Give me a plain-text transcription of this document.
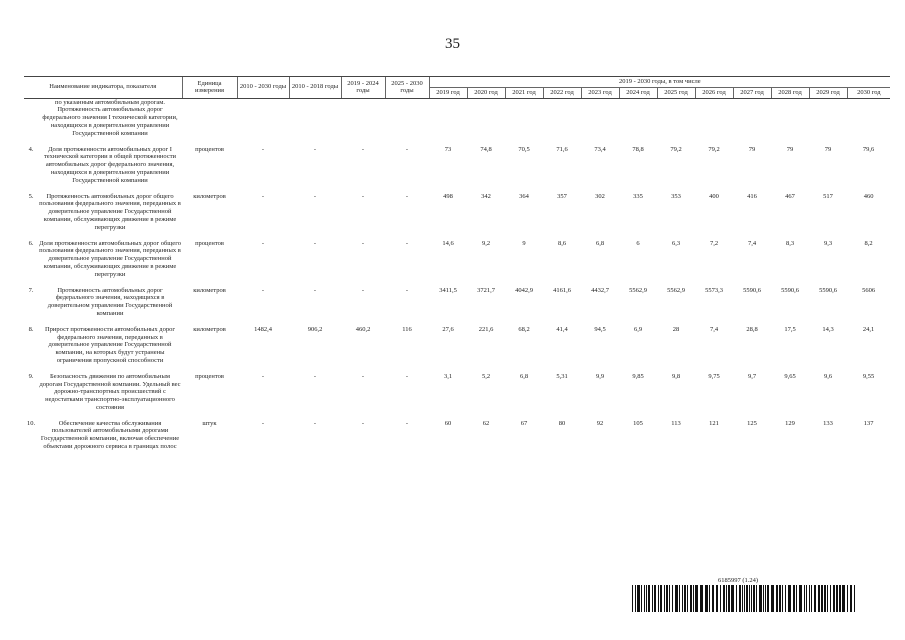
35
Наименование индикатора, показателя		Единица измерения	2010 - 2030 годы	2010 - 2018 годы	2019 - 2024 годы	2025 - 2030 годы	2019 - 2030 годы, в том числе											
							2019 год	2020 год	2021 год	2022 год	2023 год	2024 год	2025 год	2026 год	2027 год	2028 год	2029 год	2030 год
	по указанным автомобильным дорогам. Протяженность автомобильных дорог федерального значения I технической категории, находящихся в доверительном управлении Государственной компании																	

4.	Доля протяженности автомобильных дорог I технической категории в общей протяженности автомобильных дорог федерального значения, находящихся в доверительном управлении Государственной компании	процентов	-	-	-	-	73	74,8	70,5	71,6	73,4	78,8	79,2	79,2	79	79	79	79,6

5.	Протяженность автомобильных дорог общего пользования федерального значения, переданных в доверительное управление Государственной компании, обслуживающих движение в режиме перегрузки	километров	-	-	-	-	498	342	364	357	302	335	353	400	416	467	517	460

6.	Доля протяженности автомобильных дорог общего пользования федерального значения, переданных в доверительное управление Государственной компании, обслуживающих движение в режиме перегрузки	процентов	-	-	-	-	14,6	9,2	9	8,6	6,8	6	6,3	7,2	7,4	8,3	9,3	8,2

7.	Протяженность автомобильных дорог федерального значения, находящихся в доверительном управлении Государственной компании	километров	-	-	-	-	3411,5	3721,7	4042,9	4161,6	4432,7	5562,9	5562,9	5573,3	5590,6	5590,6	5590,6	5606

8.	Прирост протяженности автомобильных дорог федерального значения, переданных в доверительное управление Государственной компании, на которых будут устранены ограничения пропускной способности	километров	1482,4	906,2	460,2	116	27,6	221,6	68,2	41,4	94,5	6,9	28	7,4	28,8	17,5	14,3	24,1

9.	Безопасность движения по автомобильным дорогам Государственной компании. Удельный вес дорожно-транспортных происшествий с недостатками транспортно-эксплуатационного состояния	процентов	-	-	-	-	3,1	5,2	6,8	5,31	9,9	9,85	9,8	9,75	9,7	9,65	9,6	9,55

10.	Обеспечение качества обслуживания пользователей автомобильными дорогами Государственной компании, включая обеспечение объектами дорожного сервиса в границах полос	штук	-	-	-	-	60	62	67	80	92	105	113	121	125	129	133	137
6185997 (1.24)
